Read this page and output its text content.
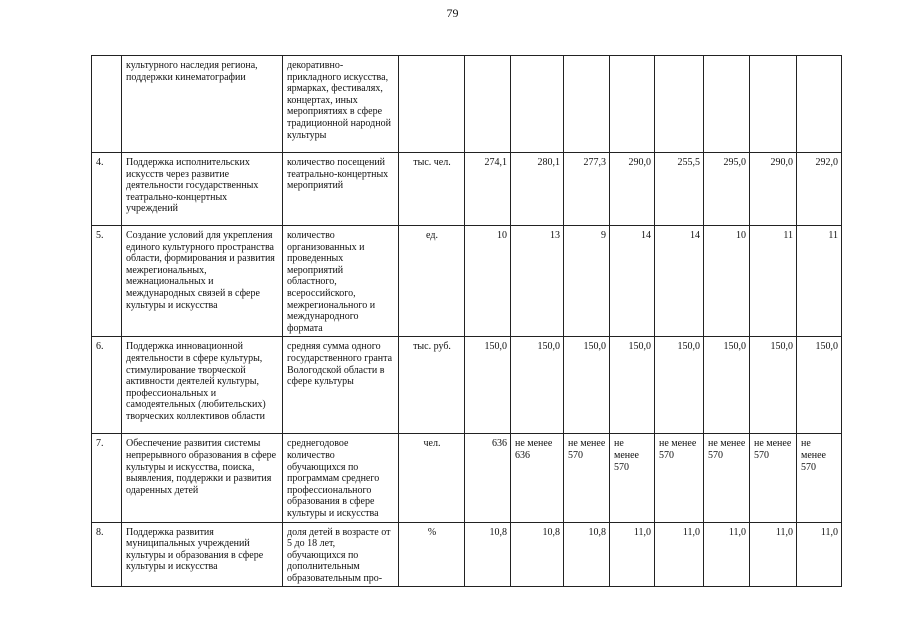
79
	культурного наследия региона, поддержки кинематографии	декоративно-прикладного искусства, ярмарках, фестивалях, концертах, иных мероприятиях в сфере традиционной народной культуры									
4.	Поддержка исполнительских искусств через развитие деятельности государственных театрально-концертных учреждений	количество посещений театрально-концертных мероприятий	тыс. чел.	274,1	280,1	277,3	290,0	255,5	295,0	290,0	292,0
5.	Создание условий для укрепления единого культурного пространства области, формирования и развития межрегиональных, межнациональных и международных связей в сфере культуры и искусства	количество организованных и проведенных мероприятий областного, всероссийского, межрегионального и международного формата	ед.	10	13	9	14	14	10	11	11
6.	Поддержка инновационной деятельности в сфере культуры, стимулирование творческой активности деятелей культуры, профессиональных и самодеятельных (любительских) творческих коллективов области	средняя сумма одного государственного гранта Вологодской области в сфере культуры	тыс. руб.	150,0	150,0	150,0	150,0	150,0	150,0	150,0	150,0
7.	Обеспечение развития системы непрерывного образования в сфере культуры и искусства, поиска, выявления, поддержки и развития одаренных детей	среднегодовое количество обучающихся по программам среднего профессионального образования в сфере культуры и искусства	чел.	636	не менее 636	не менее 570	не менее 570	не менее 570	не менее 570	не менее 570	не менее 570
8.	Поддержка развития муниципальных учреждений культуры и образования в сфере культуры и искусства	доля детей в возрасте от 5 до 18 лет, обучающихся по дополнительным образовательным про-	%	10,8	10,8	10,8	11,0	11,0	11,0	11,0	11,0
